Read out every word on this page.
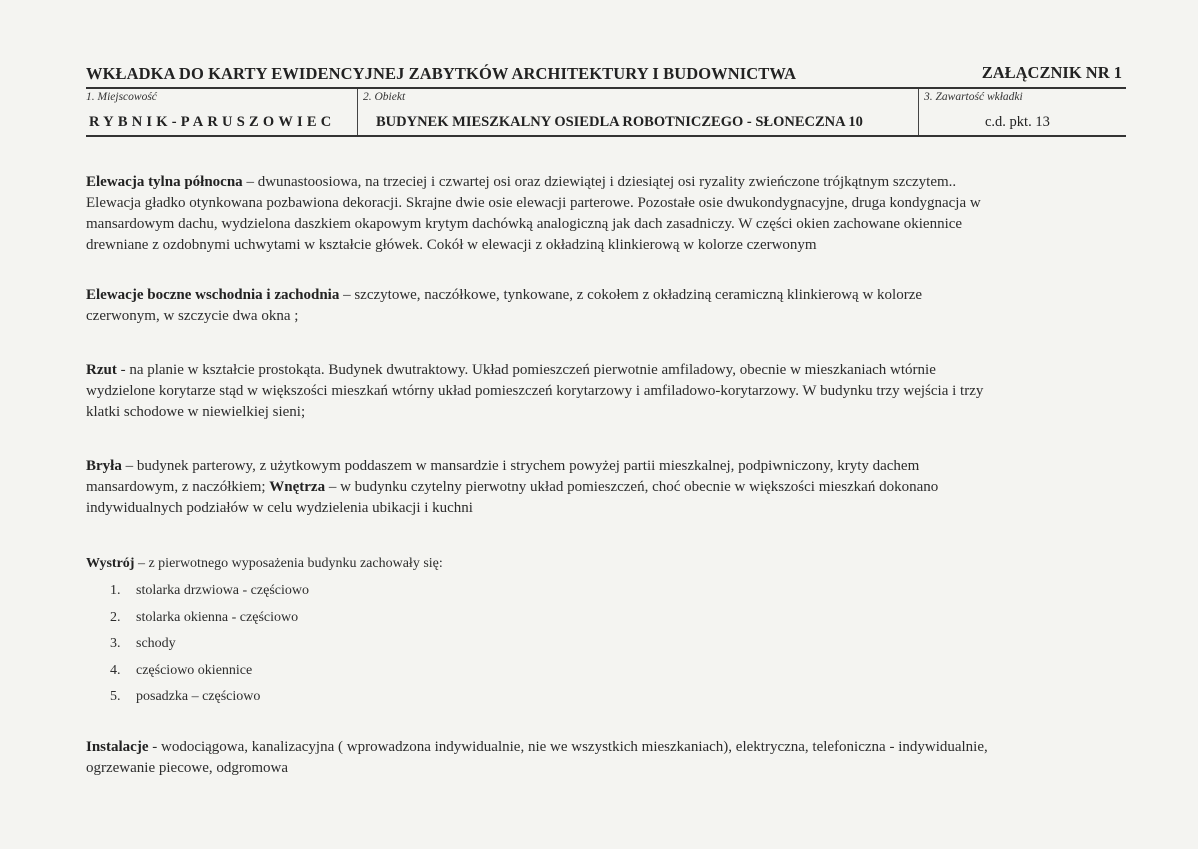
WKŁADKA DO KARTY EWIDENCYJNEJ ZABYTKÓW ARCHITEKTURY I BUDOWNICTWA	ZAŁĄCZNIK NR 1
1. Miejscowość	2. Obiekt	3. Zawartość wkładki
RYBNIK-PARUSZOWIEC	BUDYNEK MIESZKALNY OSIEDLA ROBOTNICZEGO - SŁONECZNA 10	c.d. pkt. 13
Elewacja tylna północna – dwunastoosiowa, na trzeciej i czwartej osi oraz dziewiątej i dziesiątej osi ryzality zwieńczone trójkątnym szczytem..
Elewacja gładko otynkowana pozbawiona dekoracji. Skrajne dwie osie elewacji parterowe. Pozostałe osie dwukondygnacyjne, druga kondygnacja w
mansardowym dachu, wydzielona daszkiem okapowym krytym dachówką analogiczną jak dach zasadniczy. W części okien zachowane okiennice
drewniane z ozdobnymi uchwytami w kształcie główek. Cokół w elewacji z okładziną klinkierową w kolorze czerwonym
Elewacje boczne wschodnia i zachodnia – szczytowe, naczółkowe, tynkowane, z cokołem z okładziną ceramiczną klinkierową w kolorze
czerwonym, w szczycie dwa okna ;
Rzut - na planie w kształcie prostokąta. Budynek dwutraktowy. Układ pomieszczeń pierwotnie amfiladowy, obecnie w mieszkaniach wtórnie
wydzielone korytarze stąd w większości mieszkań wtórny układ pomieszczeń korytarzowy i amfiladowo-korytarzowy. W budynku trzy wejścia i trzy
klatki schodowe w niewielkiej sieni;
Bryła – budynek parterowy, z użytkowym poddaszem w mansardzie i strychem powyżej partii mieszkalnej, podpiwniczony, kryty dachem
mansardowym, z naczółkiem; Wnętrza – w budynku czytelny pierwotny układ pomieszczeń, choć obecnie w większości mieszkań dokonano
indywidualnych podziałów w celu wydzielenia ubikacji i kuchni
Wystrój – z pierwotnego wyposażenia budynku zachowały się:
1. stolarka drzwiowa - częściowo
2. stolarka okienna - częściowo
3. schody
4. częściowo okiennice
5. posadzka – częściowo
Instalacje - wodociągowa, kanalizacyjna ( wprowadzona indywidualnie, nie we wszystkich mieszkaniach), elektryczna, telefoniczna - indywidualnie,
ogrzewanie piecowe, odgromowa
